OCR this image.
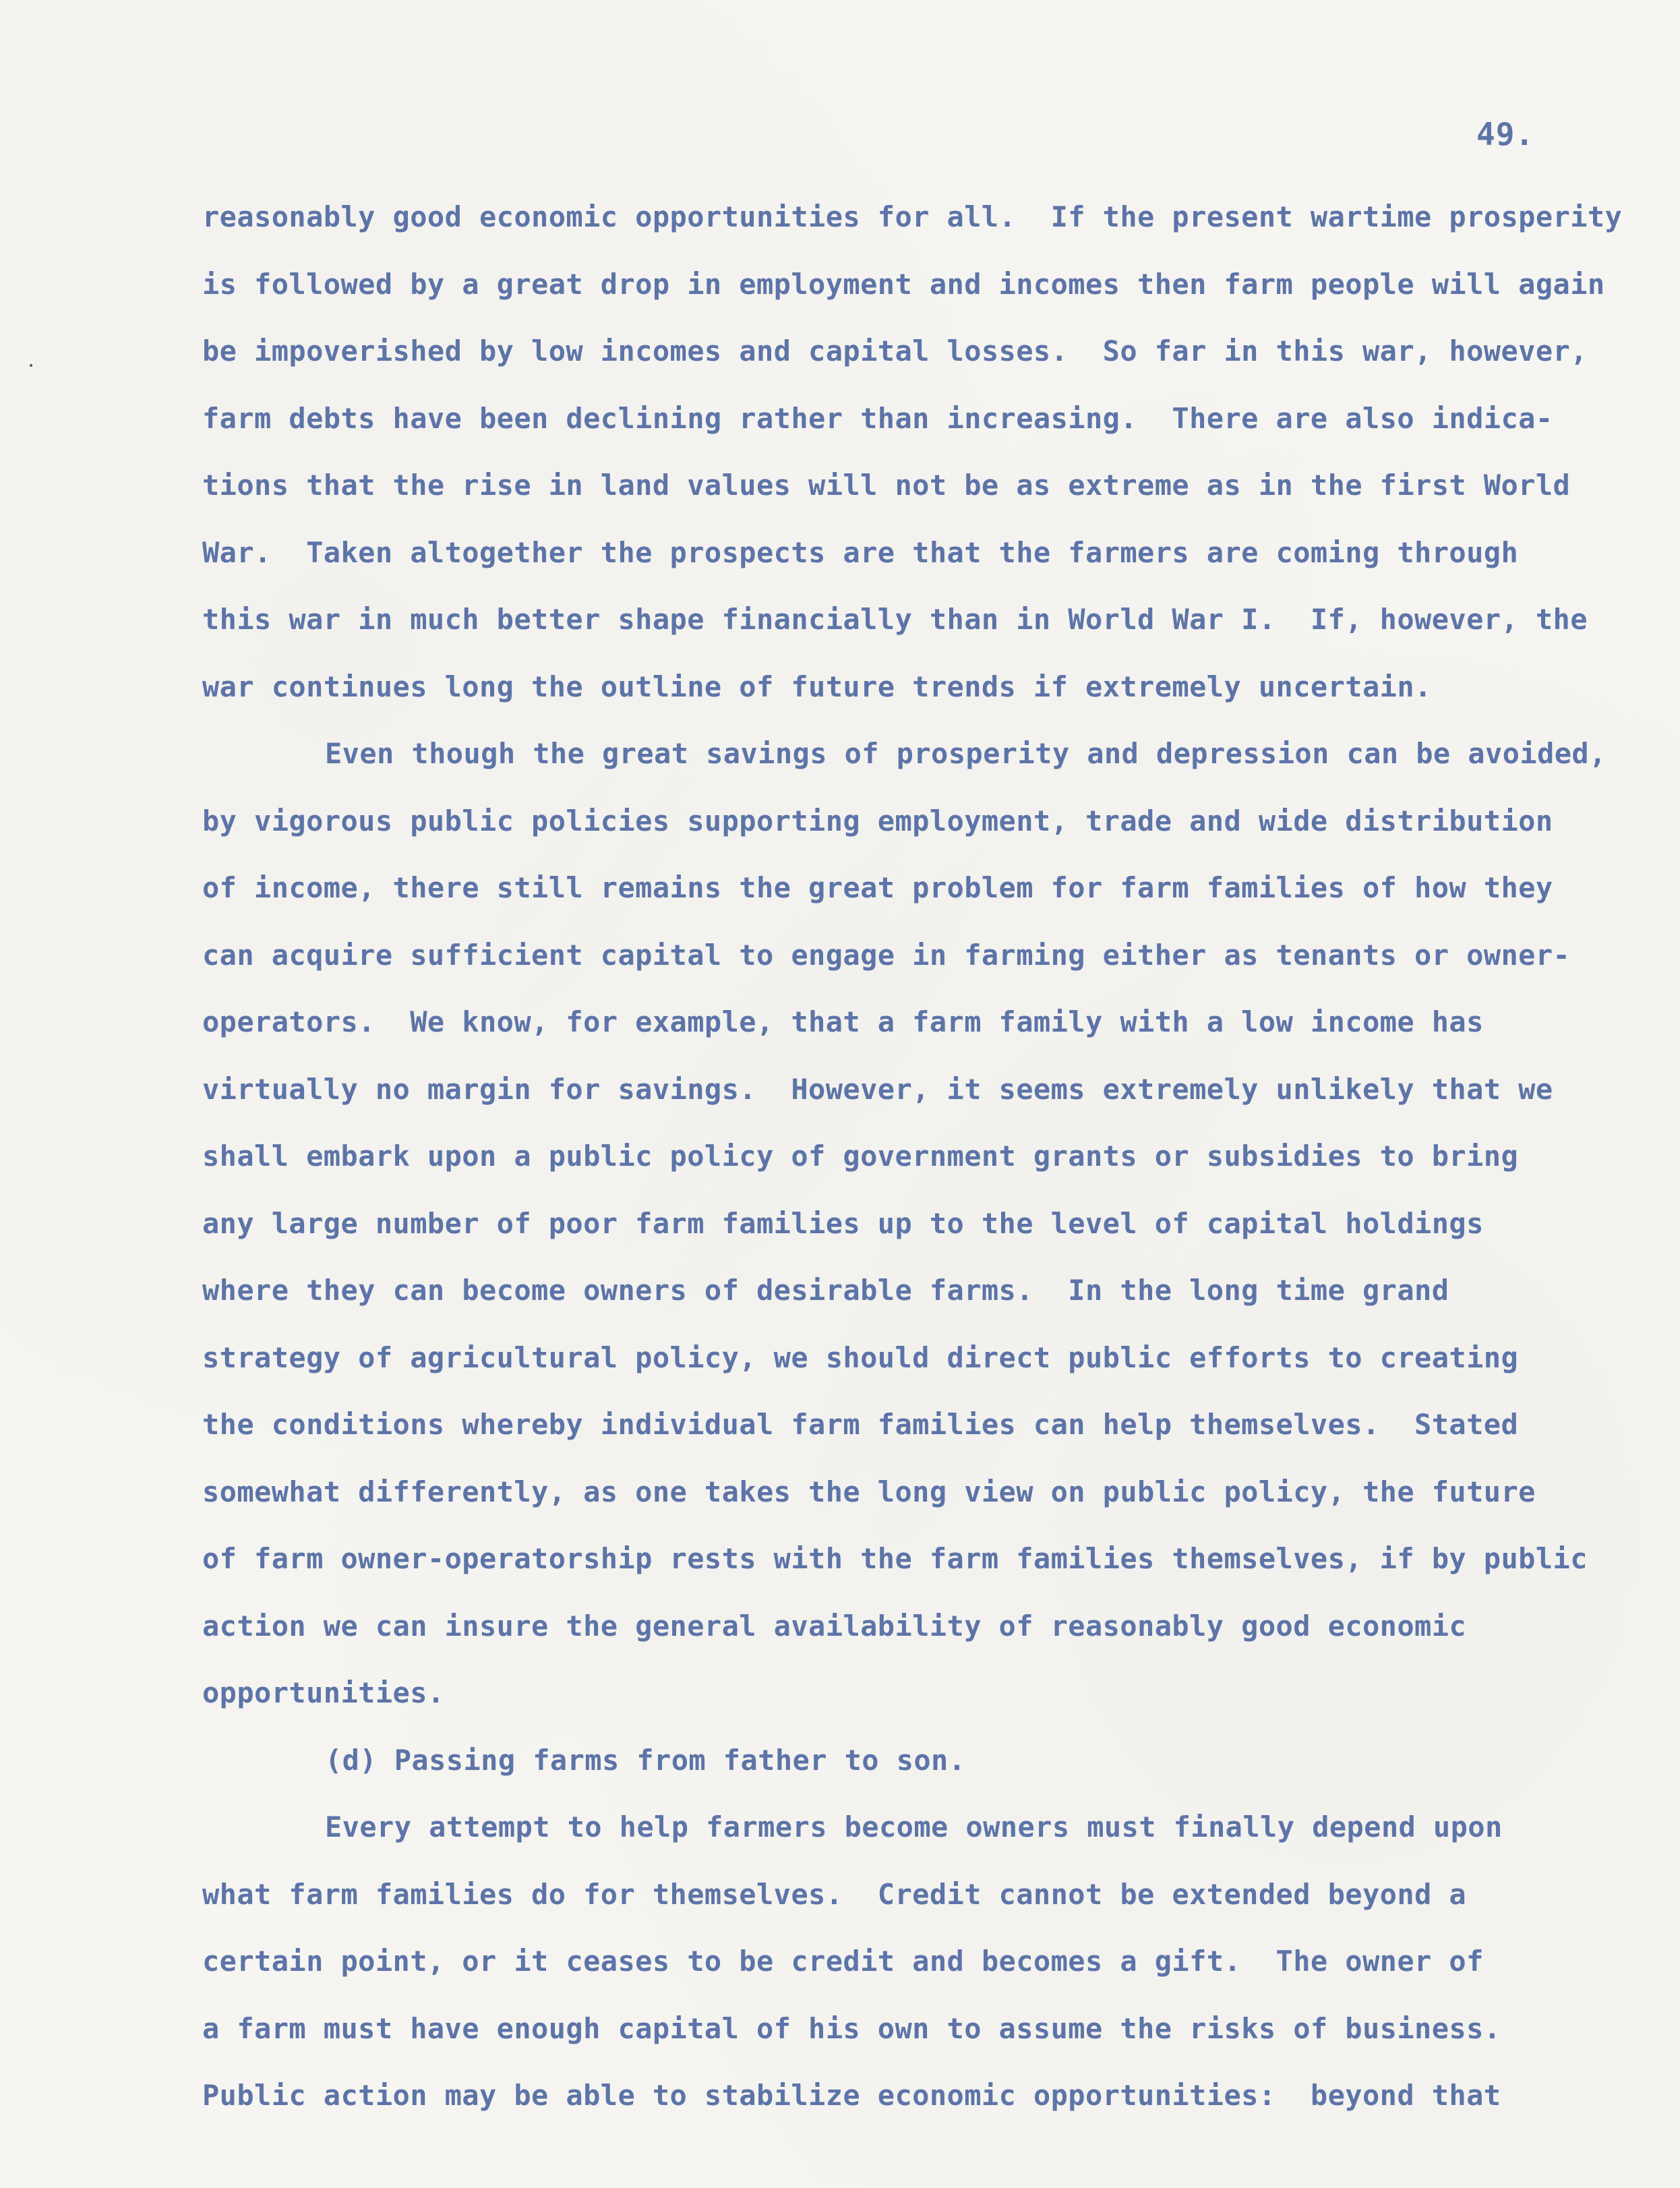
49.
reasonably good economic opportunities for all.  If the present wartime prosperity
is followed by a great drop in employment and incomes then farm people will again
be impoverished by low incomes and capital losses.  So far in this war, however,
farm debts have been declining rather than increasing.  There are also indica-
tions that the rise in land values will not be as extreme as in the first World
War.  Taken altogether the prospects are that the farmers are coming through
this war in much better shape financially than in World War I.  If, however, the
war continues long the outline of future trends if extremely uncertain.
Even though the great savings of prosperity and depression can be avoided,
by vigorous public policies supporting employment, trade and wide distribution
of income, there still remains the great problem for farm families of how they
can acquire sufficient capital to engage in farming either as tenants or owner-
operators.  We know, for example, that a farm family with a low income has
virtually no margin for savings.  However, it seems extremely unlikely that we
shall embark upon a public policy of government grants or subsidies to bring
any large number of poor farm families up to the level of capital holdings
where they can become owners of desirable farms.  In the long time grand
strategy of agricultural policy, we should direct public efforts to creating
the conditions whereby individual farm families can help themselves.  Stated
somewhat differently, as one takes the long view on public policy, the future
of farm owner-operatorship rests with the farm families themselves, if by public
action we can insure the general availability of reasonably good economic
opportunities.
(d) Passing farms from father to son.
Every attempt to help farmers become owners must finally depend upon
what farm families do for themselves.  Credit cannot be extended beyond a
certain point, or it ceases to be credit and becomes a gift.  The owner of
a farm must have enough capital of his own to assume the risks of business.
Public action may be able to stabilize economic opportunities:  beyond that
